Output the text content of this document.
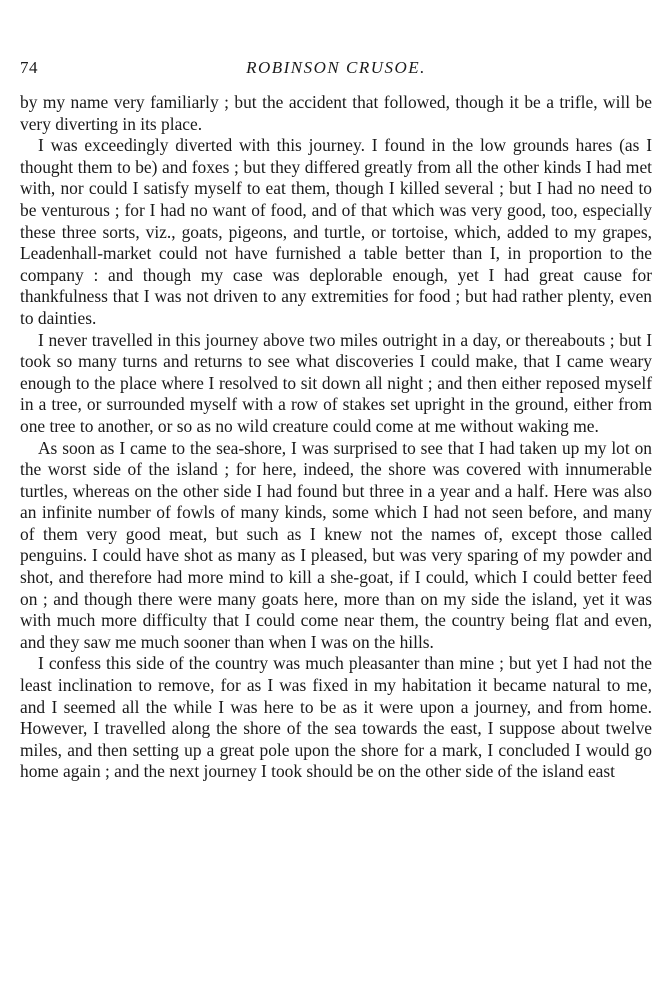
74	ROBINSON CRUSOE.

by my name very familiarly ; but the accident that followed, though it be a trifle, will be very diverting in its place.

I was exceedingly diverted with this journey. I found in the low grounds hares (as I thought them to be) and foxes ; but they differed greatly from all the other kinds I had met with, nor could I satisfy myself to eat them, though I killed several ; but I had no need to be venturous ; for I had no want of food, and of that which was very good, too, especially these three sorts, viz., goats, pigeons, and turtle, or tortoise, which, added to my grapes, Leadenhall-market could not have furnished a table better than I, in proportion to the company : and though my case was deplorable enough, yet I had great cause for thankfulness that I was not driven to any extremities for food ; but had rather plenty, even to dainties.

I never travelled in this journey above two miles outright in a day, or thereabouts ; but I took so many turns and returns to see what discoveries I could make, that I came weary enough to the place where I resolved to sit down all night ; and then either reposed myself in a tree, or surrounded myself with a row of stakes set upright in the ground, either from one tree to another, or so as no wild creature could come at me without waking me.

As soon as I came to the sea-shore, I was surprised to see that I had taken up my lot on the worst side of the island ; for here, indeed, the shore was covered with innumerable turtles, whereas on the other side I had found but three in a year and a half. Here was also an infinite number of fowls of many kinds, some which I had not seen before, and many of them very good meat, but such as I knew not the names of, except those called penguins. I could have shot as many as I pleased, but was very sparing of my powder and shot, and therefore had more mind to kill a she-goat, if I could, which I could better feed on ; and though there were many goats here, more than on my side the island, yet it was with much more difficulty that I could come near them, the country being flat and even, and they saw me much sooner than when I was on the hills.

I confess this side of the country was much pleasanter than mine ; but yet I had not the least inclination to remove, for as I was fixed in my habitation it became natural to me, and I seemed all the while I was here to be as it were upon a journey, and from home. However, I travelled along the shore of the sea towards the east, I suppose about twelve miles, and then setting up a great pole upon the shore for a mark, I concluded I would go home again ; and the next journey I took should be on the other side of the island east
